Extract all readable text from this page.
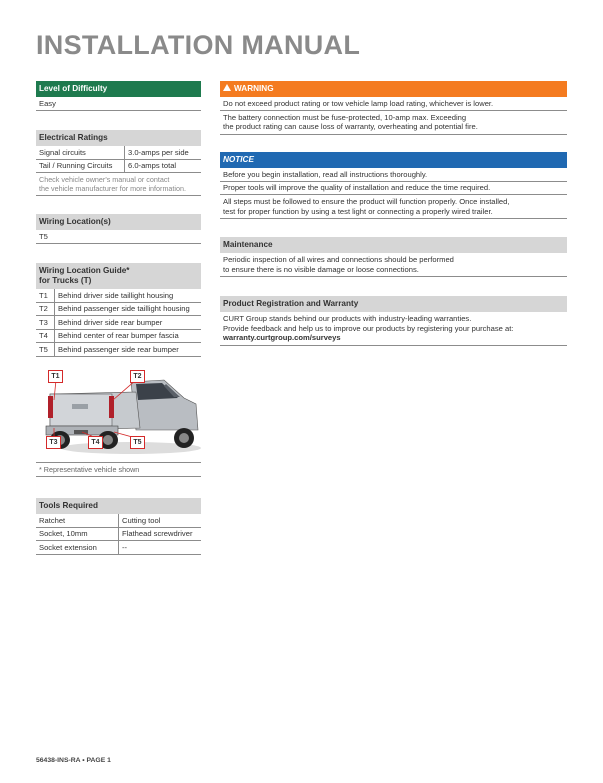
INSTALLATION MANUAL
Level of Difficulty
Easy
Electrical Ratings
Signal circuits	3.0-amps per side
Tail / Running Circuits	6.0-amps total
Check vehicle owner's manual or contact
the vehicle manufacturer for more information.
Wiring Location(s)
T5
Wiring Location Guide*
for Trucks (T)
T1	Behind driver side taillight housing
T2	Behind passenger side taillight housing
T3	Behind driver side rear bumper
T4	Behind center of rear bumper fascia
T5	Behind passenger side rear bumper
T1	T2
T3	T4	T5
* Representative vehicle shown
Tools Required
Ratchet	Cutting tool
Socket, 10mm	Flathead screwdriver
Socket extension	--
WARNING
Do not exceed product rating or tow vehicle lamp load rating, whichever is lower.
The battery connection must be fuse-protected, 10-amp max. Exceeding
the product rating can cause loss of warranty, overheating and potential fire.
NOTICE
Before you begin installation, read all instructions thoroughly.
Proper tools will improve the quality of installation and reduce the time required.
All steps must be followed to ensure the product will function properly. Once installed,
test for proper function by using a test light or connecting a properly wired trailer.
Maintenance
Periodic inspection of all wires and connections should be performed
to ensure there is no visible damage or loose connections.
Product Registration and Warranty
CURT Group stands behind our products with industry-leading warranties.
Provide feedback and help us to improve our products by registering your purchase at:
warranty.curtgroup.com/surveys
56438-INS-RA • PAGE 1
